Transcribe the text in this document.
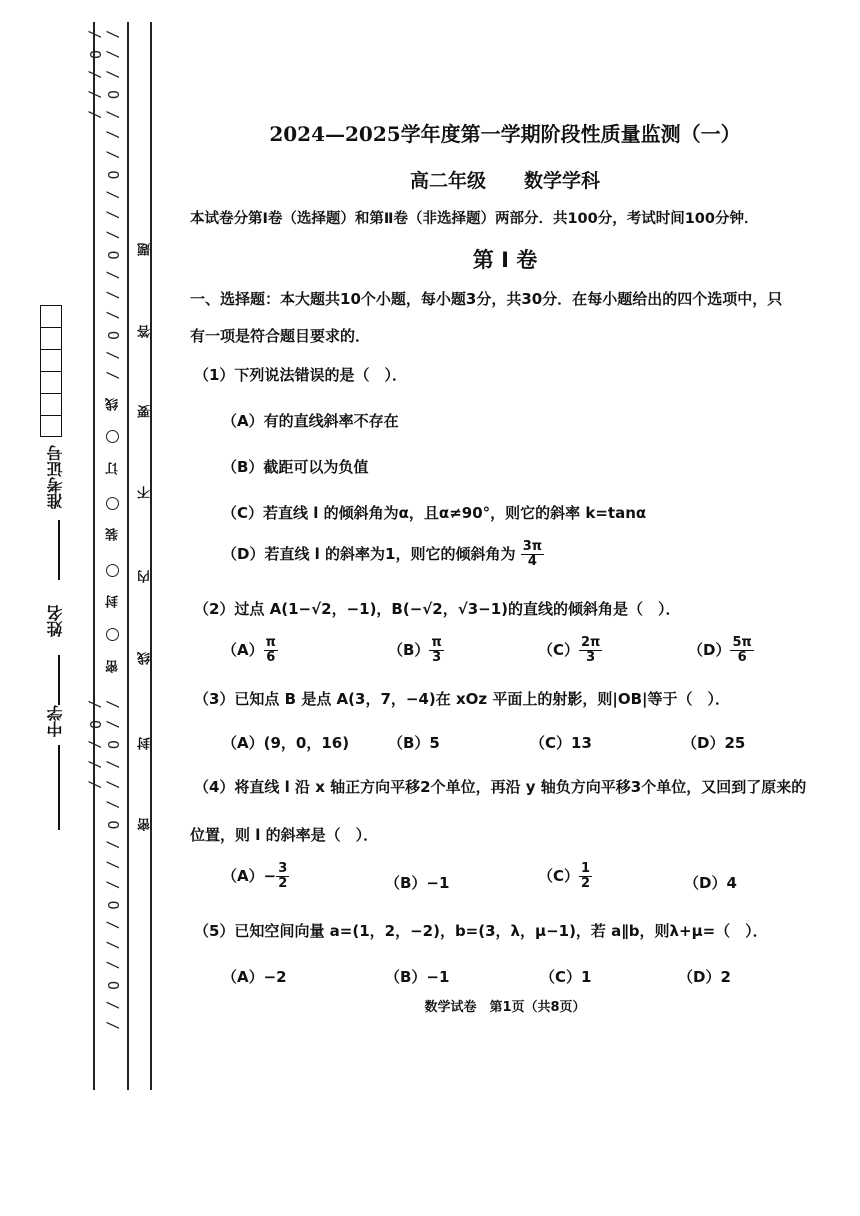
/ / / O / / / O / / / O / / / O / / / O / / /
/ / O / / / O / / / O / / / O / / / O / / /
密
封
装
订
线
密
封
线
内
不
要
答
题
准考证号
姓名
中学
2024—2025学年度第一学期阶段性质量监测（一）
高二年级　　数学学科
本试卷分第Ⅰ卷（选择题）和第Ⅱ卷（非选择题）两部分．共100分，考试时间100分钟．
第 Ⅰ 卷
一、选择题：本大题共10个小题，每小题3分，共30分．在每小题给出的四个选项中，只
有一项是符合题目要求的．
（1）下列说法错误的是（　）．
（A）有的直线斜率不存在
（B）截距可以为负值
（C）若直线 l 的倾斜角为α，且α≠90°，则它的斜率 k=tanα
（D）若直线 l 的斜率为1，则它的倾斜角为 $\frac{3\pi}{4}$
（2）过点 A(1−√2，−1)，B(−√2，√3−1)的直线的倾斜角是（　）．
$(A) \frac{\pi}{6}$	$(B) \frac{\pi}{3}$	$(C) \frac{2\pi}{3}$	$(D) \frac{5\pi}{6}$
（3）已知点 B 是点 A(3，7，−4)在 xOz 平面上的射影，则|OB|等于（　）．
（A）(9，0，16)	（B）5	（C）13	（D）25
（4）将直线 l 沿 x 轴正方向平移2个单位，再沿 y 轴负方向平移3个单位，又回到了原来的
位置，则 l 的斜率是（　）．
$(A)- \frac{3}{2}$	（B）−1	$(C) \frac{1}{2}$	（D）4
（5）已知空间向量 a=(1，2，−2)，b=(3，λ，μ−1)，若 a∥b，则λ+μ=（　）．
（A）−2	（B）−1	（C）1	（D）2
数学试卷　第1页（共8页）
